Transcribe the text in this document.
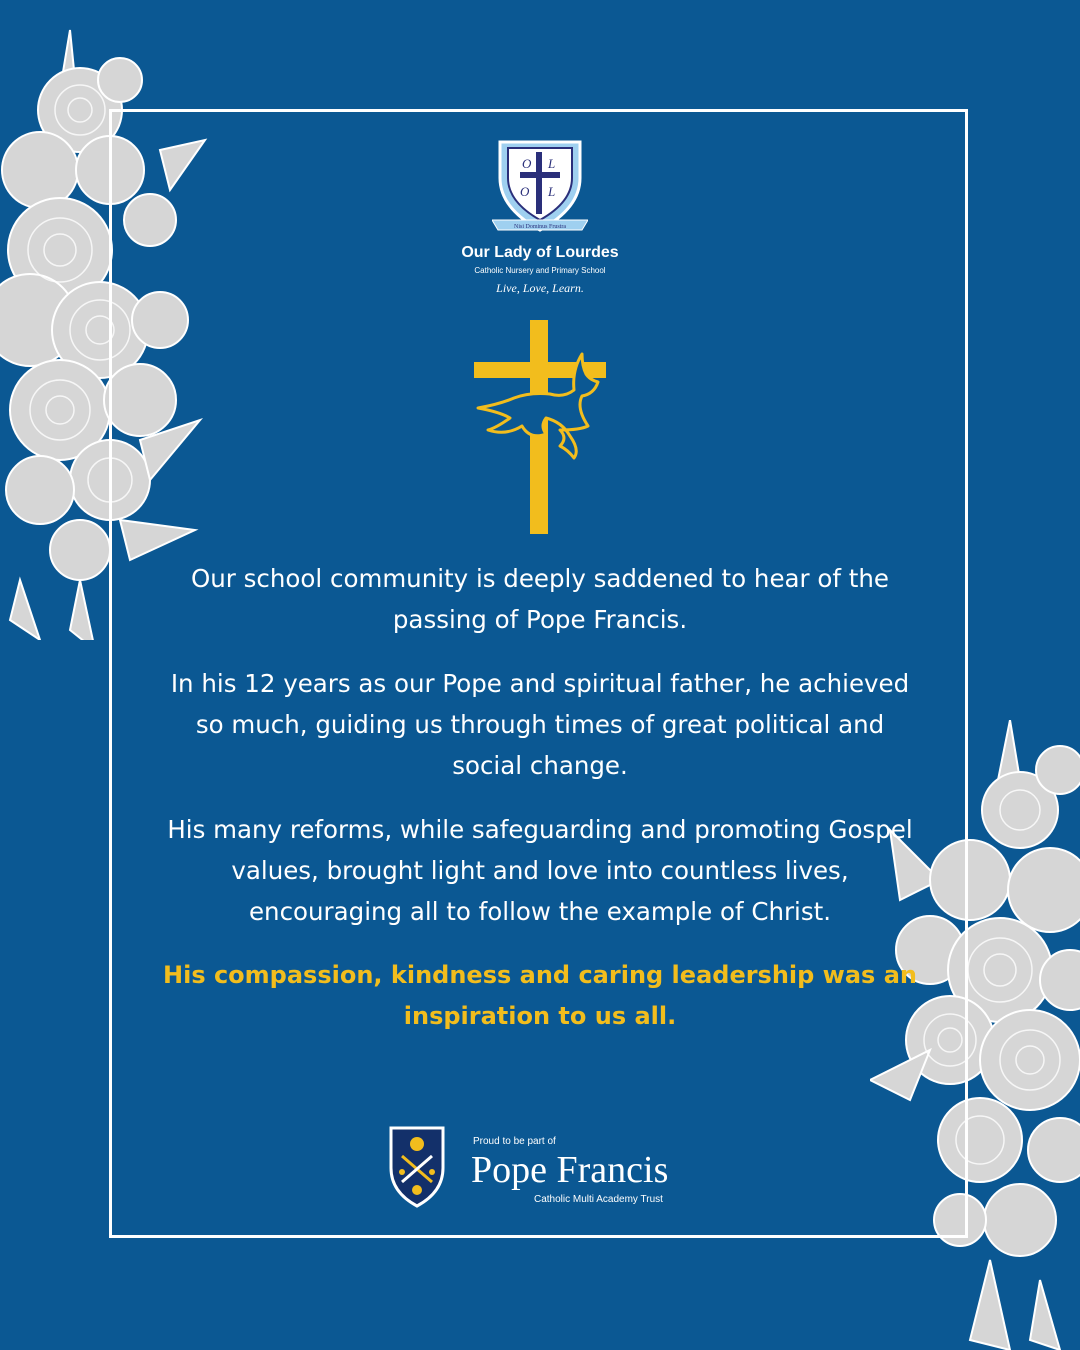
O L
O L
Nisi Dominus Frustra

Our Lady of Lourdes

Catholic Nursery and Primary School

Live, Love, Learn.

Our school community is deeply saddened to hear of the passing of Pope Francis.

In his 12 years as our Pope and spiritual father, he achieved so much, guiding us through times of great political and social change.

His many reforms, while safeguarding and promoting Gospel values, brought light and love into countless lives, encouraging all to follow the example of Christ.

His compassion, kindness and caring leadership was an inspiration to us all.

Proud to be part of

Pope Francis

Catholic Multi Academy Trust
